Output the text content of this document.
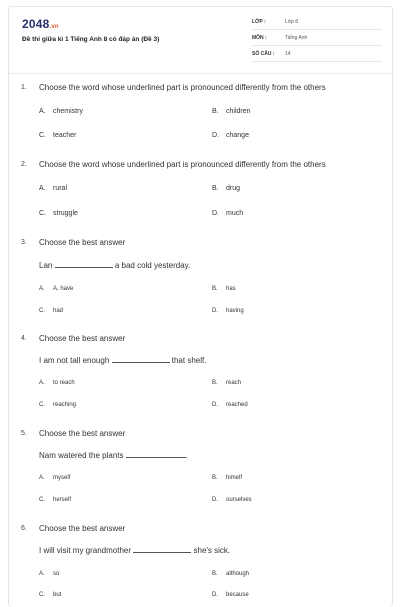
2048.vn
Đề thi giữa kì 1 Tiếng Anh 8 có đáp án (Đề 3)
LỚP :	Lớp 8
MÔN :	Tiếng Anh
SỐ CÂU : 14
1. Choose the word whose underlined part is pronounced differently from the others
A. chemistry	B. children
C. teacher	D. change
2. Choose the word whose underlined part is pronounced differently from the others
A. rural	B. drug
C. struggle	D. much
3. Choose the best answer
Lan	a bad cold yesterday.
A. A, have	B. has
C. had	D. having
4. Choose the best answer
I am not tall enough	that shelf.
A. to reach	B. reach
C. reaching	D. reached
5. Choose the best answer
Nam watered the plants	.
A. myself	B. himelf
C. herself	D. ourselves
6. Choose the best answer
I will visit my grandmother	she's sick.
A. so	B. although
C. but	D. because
